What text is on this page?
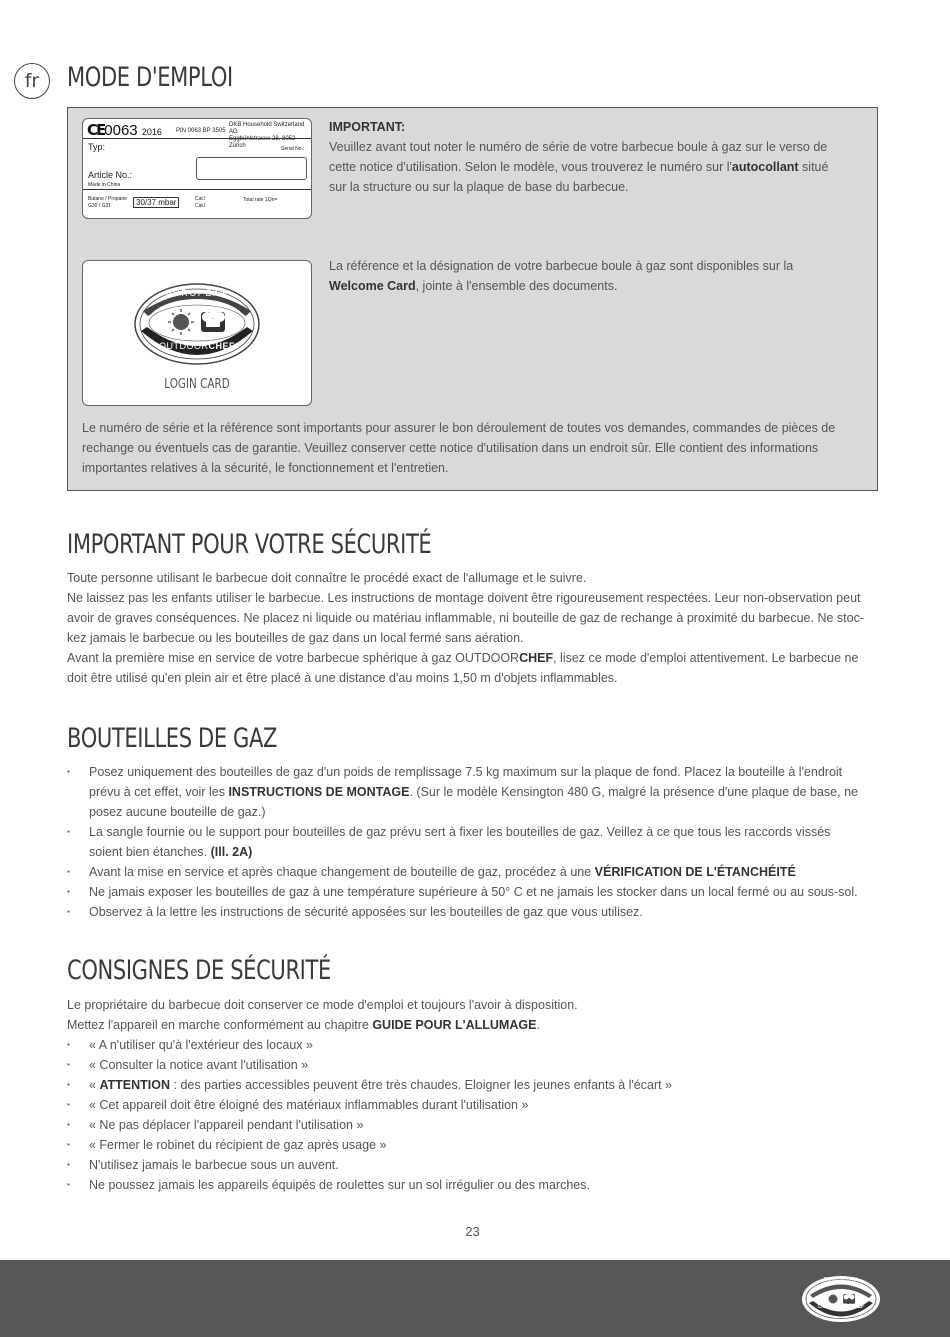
fr MODE D'EMPLOI
CE0063 2016 PIN 0063 BP 3505
DKB Household Switzerland AG
Eggbühlstrasse 28, 8052 Zürich
Typ:	Serial No.:
Article No.:
Made in China
Butane / Propane
G30 / G31	30/37 mbar	Cat.I
Cat.I
Total rate 1Qn=

IMPORTANT:
Veuillez avant tout noter le numéro de série de votre barbecue boule à gaz sur le verso de
cette notice d'utilisation. Selon le modèle, vous trouverez le numéro sur l'autocollant situé
sur la structure ou sur la plaque de base du barbecue.

EUROPEAN
OUTDOORCHEF
LOGIN CARD

La référence et la désignation de votre barbecue boule à gaz sont disponibles sur la
Welcome Card, jointe à l'ensemble des documents.

Le numéro de série et la référence sont importants pour assurer le bon déroulement de toutes vos demandes, commandes de pièces de
rechange ou éventuels cas de garantie. Veuillez conserver cette notice d'utilisation dans un endroit sûr. Elle contient des informations
importantes relatives à la sécurité, le fonctionnement et l'entretien.

IMPORTANT POUR VOTRE SÉCURITÉ

Toute personne utilisant le barbecue doit connaître le procédé exact de l'allumage et le suivre.
Ne laissez pas les enfants utiliser le barbecue. Les instructions de montage doivent être rigoureusement respectées. Leur non-observation peut
avoir de graves conséquences. Ne placez ni liquide ou matériau inflammable, ni bouteille de gaz de rechange à proximité du barbecue. Ne stoc-
kez jamais le barbecue ou les bouteilles de gaz dans un local fermé sans aération.
Avant la première mise en service de votre barbecue sphérique à gaz OUTDOORCHEF, lisez ce mode d'emploi attentivement. Le barbecue ne
doit être utilisé qu'en plein air et être placé à une distance d'au moins 1,50 m d'objets inflammables.

BOUTEILLES DE GAZ
▪ Posez uniquement des bouteilles de gaz d'un poids de remplissage 7.5 kg maximum sur la plaque de fond. Placez la bouteille à l'endroit
prévu à cet effet, voir les INSTRUCTIONS DE MONTAGE. (Sur le modèle Kensington 480 G, malgré la présence d'une plaque de base, ne
posez aucune bouteille de gaz.)
▪ La sangle fournie ou le support pour bouteilles de gaz prévu sert à fixer les bouteilles de gaz. Veillez à ce que tous les raccords vissés
soient bien étanches. (Ill. 2A)
▪ Avant la mise en service et après chaque changement de bouteille de gaz, procédez à une VÉRIFICATION DE L'ÉTANCHÉITÉ
▪ Ne jamais exposer les bouteilles de gaz à une température supérieure à 50° C et ne jamais les stocker dans un local fermé ou au sous-sol.
▪ Observez à la lettre les instructions de sécurité apposées sur les bouteilles de gaz que vous utilisez.
CONSIGNES DE SÉCURITÉ

Le propriétaire du barbecue doit conserver ce mode d'emploi et toujours l'avoir à disposition.
Mettez l'appareil en marche conformément au chapitre GUIDE POUR L'ALLUMAGE.

▪ « A n'utiliser qu'à l'extérieur des locaux »
▪ « Consulter la notice avant l'utilisation »
▪ « ATTENTION : des parties accessibles peuvent être très chaudes. Eloigner les jeunes enfants à l'écart »
▪ « Cet appareil doit être éloigné des matériaux inflammables durant l'utilisation »
▪ « Ne pas déplacer l'appareil pendant l'utilisation »
▪ « Fermer le robinet du récipient de gaz après usage »
▪ N'utilisez jamais le barbecue sous un auvent.
▪ Ne poussez jamais les appareils équipés de roulettes sur un sol irrégulier ou des marches.
23
EUROPEAN
OUTDOORCHEF
